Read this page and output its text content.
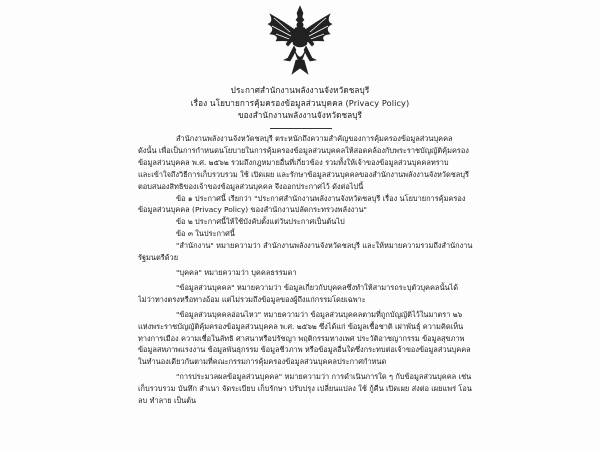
ประกาศสำนักงานพลังงานจังหวัดชลบุรี
เรื่อง นโยบายการคุ้มครองข้อมูลส่วนบุคคล (Privacy Policy)
ของสำนักงานพลังงานจังหวัดชลบุรี
สำนักงานพลังงานจังหวัดชลบุรี ตระหนักถึงความสำคัญของการคุ้มครองข้อมูลส่วนบุคคล
ดังนั้น เพื่อเป็นการกำหนดนโยบายในการคุ้มครองข้อมูลส่วนบุคคลให้สอดคล้องกับพระราชบัญญัติคุ้มครอง
ข้อมูลส่วนบุคคล พ.ศ. ๒๕๖๒ รวมถึงกฎหมายอื่นที่เกี่ยวข้อง รวมทั้งให้เจ้าของข้อมูลส่วนบุคคลทราบ
และเข้าใจถึงวิธีการเก็บรวบรวม ใช้ เปิดเผย และรักษาข้อมูลส่วนบุคคลของสำนักงานพลังงานจังหวัดชลบุรี
ตอบสนองสิทธิของเจ้าของข้อมูลส่วนบุคคล จึงออกประกาศไว้ ดังต่อไปนี้
ข้อ ๑ ประกาศนี้ เรียกว่า "ประกาศสำนักงานพลังงานจังหวัดชลบุรี เรื่อง นโยบายการคุ้มครอง
ข้อมูลส่วนบุคคล (Privacy Policy) ของสำนักงานปลัดกระทรวงพลังงาน"
ข้อ ๒ ประกาศนี้ให้ใช้บังคับตั้งแต่วันประกาศเป็นต้นไป
ข้อ ๓ ในประกาศนี้
"สำนักงาน" หมายความว่า สำนักงานพลังงานจังหวัดชลบุรี และให้หมายความรวมถึงสำนักงาน
รัฐมนตรีด้วย
"บุคคล" หมายความว่า บุคคลธรรมดา
"ข้อมูลส่วนบุคคล" หมายความว่า ข้อมูลเกี่ยวกับบุคคลซึ่งทำให้สามารถระบุตัวบุคคลนั้นได้
ไม่ว่าทางตรงหรือทางอ้อม แต่ไม่รวมถึงข้อมูลของผู้ถึงแก่กรรมโดยเฉพาะ
"ข้อมูลส่วนบุคคลอ่อนไหว" หมายความว่า ข้อมูลส่วนบุคคลตามที่ถูกบัญญัติไว้ในมาตรา ๒๖
แห่งพระราชบัญญัติคุ้มครองข้อมูลส่วนบุคคล พ.ศ. ๒๕๖๒ ซึ่งได้แก่ ข้อมูลเชื้อชาติ เผ่าพันธุ์ ความคิดเห็น
ทางการเมือง ความเชื่อในลัทธิ ศาสนาหรือปรัชญา พฤติกรรมทางเพศ ประวัติอาชญากรรม ข้อมูลสุขภาพ
ข้อมูลสหภาพแรงงาน ข้อมูลพันธุกรรม ข้อมูลชีวภาพ หรือข้อมูลอื่นใดซึ่งกระทบต่อเจ้าของข้อมูลส่วนบุคคล
ในทำนองเดียวกันตามที่คณะกรรมการคุ้มครองข้อมูลส่วนบุคคลประกาศกำหนด
"การประมวลผลข้อมูลส่วนบุคคล" หมายความว่า การดำเนินการใด ๆ กับข้อมูลส่วนบุคคล เช่น
เก็บรวบรวม บันทึก สำเนา จัดระเบียบ เก็บรักษา ปรับปรุง เปลี่ยนแปลง ใช้ กู้คืน เปิดเผย ส่งต่อ เผยแพร่ โอน
ลบ ทำลาย เป็นต้น
